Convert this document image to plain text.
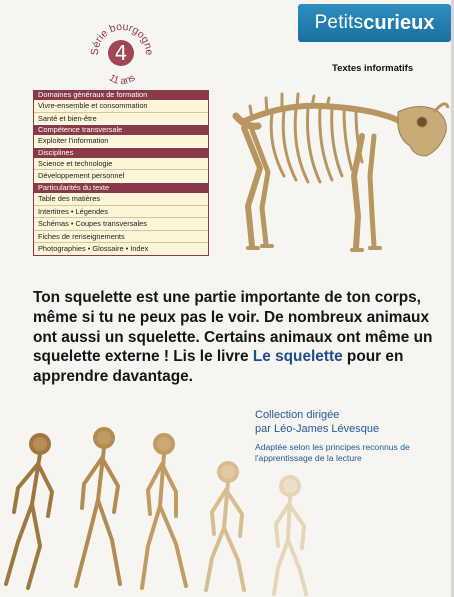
Série bourgogne
11 ans
4
Petits curieux
Textes informatifs
Domaines généraux de formation
Vivre-ensemble et consommation
Santé et bien-être
Compétence transversale
Exploiter l'information
Disciplines
Science et technologie
Développement personnel
Particularités du texte
Table des matières
Intertitres • Légendes
Schémas • Coupes transversales
Fiches de renseignements
Photographies • Glossaire • Index
Ton squelette est une partie importante de ton corps, même si tu ne peux pas le voir. De nombreux animaux ont aussi un squelette. Certains animaux ont même un squelette externe ! Lis le livre Le squelette pour en apprendre davantage.
Collection dirigée
par Léo-James Lévesque
Adaptée selon les principes reconnus de l'apprentissage de la lecture
